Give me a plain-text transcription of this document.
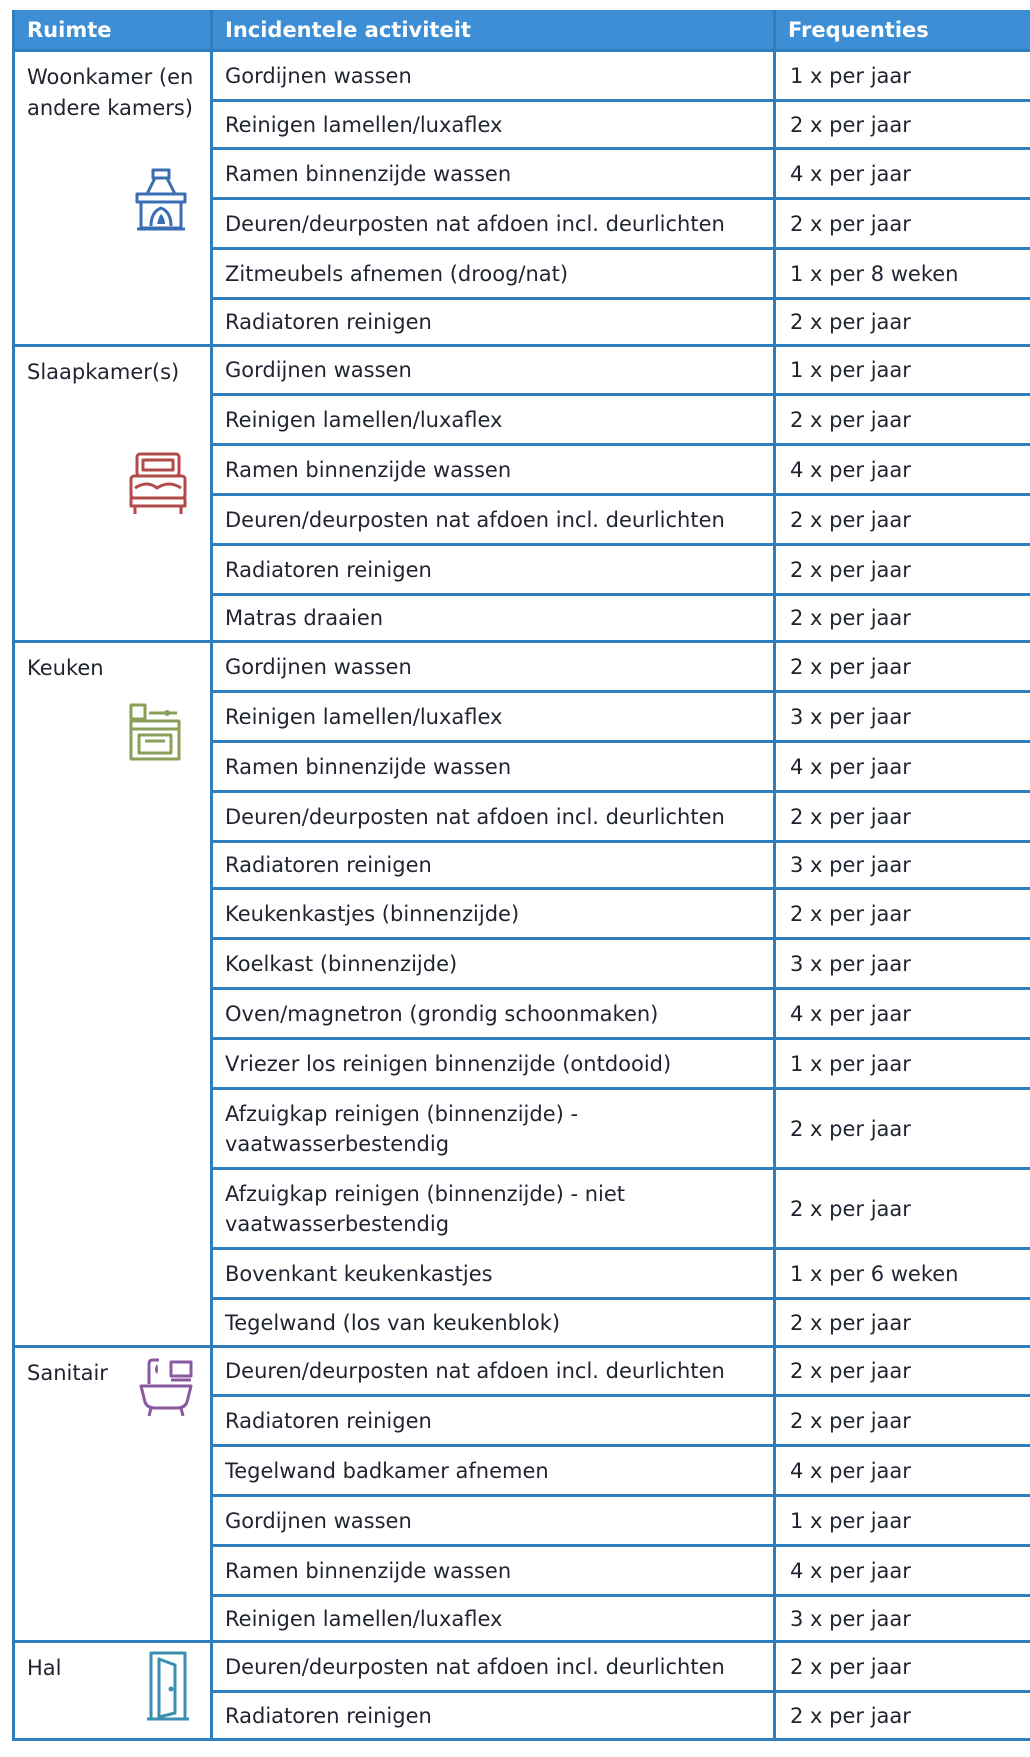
Ruimte	Incidentele activiteit	Frequenties

Woonkamer (en andere kamers)	Gordijnen wassen	1 x per jaar
	Reinigen lamellen/luxaflex	2 x per jaar
	Ramen binnenzijde wassen	4 x per jaar
	Deuren/deurposten nat afdoen incl. deurlichten	2 x per jaar
	Zitmeubels afnemen (droog/nat)	1 x per 8 weken
	Radiatoren reinigen	2 x per jaar

Slaapkamer(s)	Gordijnen wassen	1 x per jaar
	Reinigen lamellen/luxaflex	2 x per jaar
	Ramen binnenzijde wassen	4 x per jaar
	Deuren/deurposten nat afdoen incl. deurlichten	2 x per jaar
	Radiatoren reinigen	2 x per jaar
	Matras draaien	2 x per jaar

Keuken	Gordijnen wassen	2 x per jaar
	Reinigen lamellen/luxaflex	3 x per jaar
	Ramen binnenzijde wassen	4 x per jaar
	Deuren/deurposten nat afdoen incl. deurlichten	2 x per jaar
	Radiatoren reinigen	3 x per jaar
	Keukenkastjes (binnenzijde)	2 x per jaar
	Koelkast (binnenzijde)	3 x per jaar
	Oven/magnetron (grondig schoonmaken)	4 x per jaar
	Vriezer los reinigen binnenzijde (ontdooid)	1 x per jaar
	Afzuigkap reinigen (binnenzijde) - vaatwasserbestendig	2 x per jaar
	Afzuigkap reinigen (binnenzijde) - niet vaatwasserbestendig	2 x per jaar
	Bovenkant keukenkastjes	1 x per 6 weken
	Tegelwand (los van keukenblok)	2 x per jaar

Sanitair	Deuren/deurposten nat afdoen incl. deurlichten	2 x per jaar
	Radiatoren reinigen	2 x per jaar
	Tegelwand badkamer afnemen	4 x per jaar
	Gordijnen wassen	1 x per jaar
	Ramen binnenzijde wassen	4 x per jaar
	Reinigen lamellen/luxaflex	3 x per jaar

Hal	Deuren/deurposten nat afdoen incl. deurlichten	2 x per jaar
	Radiatoren reinigen	2 x per jaar
